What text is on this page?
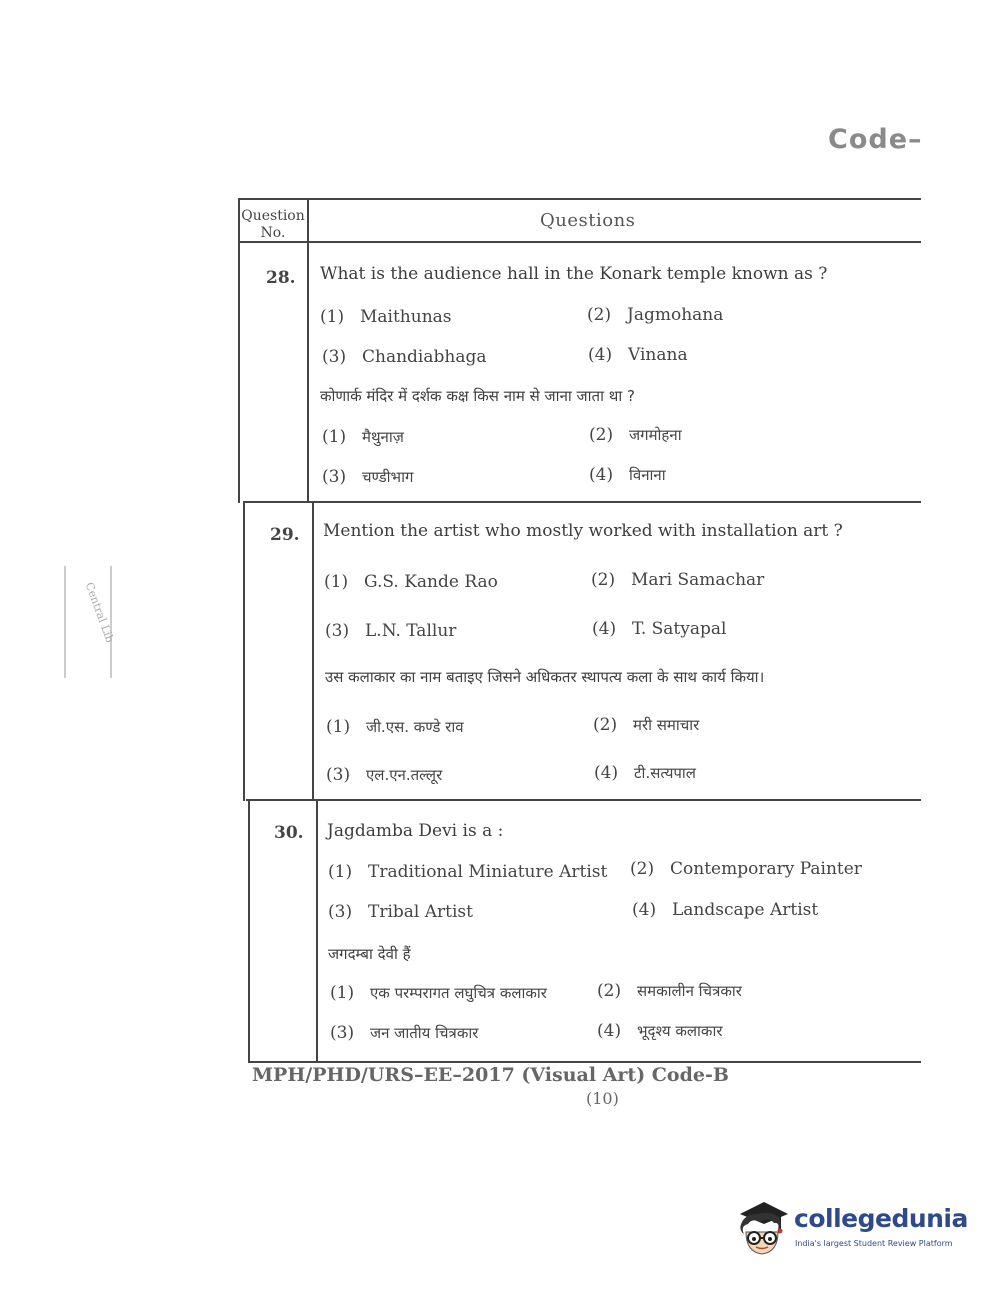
Code–
Question No.
Questions
28. What is the audience hall in the Konark temple known as ?
(1) Maithunas	(2) Jagmohana
(3) Chandiabhaga	(4) Vinana
कोणार्क मंदिर में दर्शक कक्ष किस नाम से जाना जाता था ?
(1) मैथुनाज़	(2) जगमोहना
(3) चण्डीभाग	(4) विनाना
29. Mention the artist who mostly worked with installation art ?
(1) G.S. Kande Rao	(2) Mari Samachar
(3) L.N. Tallur	(4) T. Satyapal
उस कलाकार का नाम बताइए जिसने अधिकतर स्थापत्य कला के साथ कार्य किया।
(1) जी.एस. कण्डे राव	(2) मरी समाचार
(3) एल.एन.तल्लूर	(4) टी.सत्यपाल
30. Jagdamba Devi is a :
(1) Traditional Miniature Artist (2) Contemporary Painter
(3) Tribal Artist	(4) Landscape Artist
जगदम्बा देवी हैं
(1) एक परम्परागत लघुचित्र कलाकार	(2) समकालीन चित्रकार
(3) जन जातीय चित्रकार	(4) भूदृश्य कलाकार
MPH/PHD/URS–EE–2017 (Visual Art) Code-B
(10)
Central Lib
collegedunia
India's largest Student Review Platform
